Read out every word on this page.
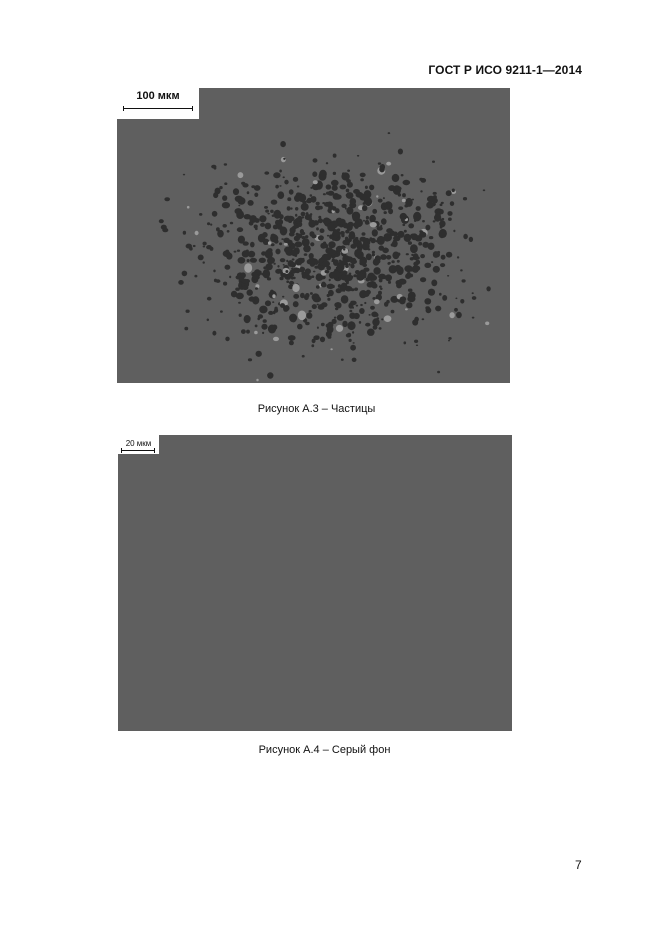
ГОСТ Р ИСО 9211-1—2014
100 мкм
Рисунок А.3 – Частицы
20 мкм
Рисунок А.4 – Серый фон
7
